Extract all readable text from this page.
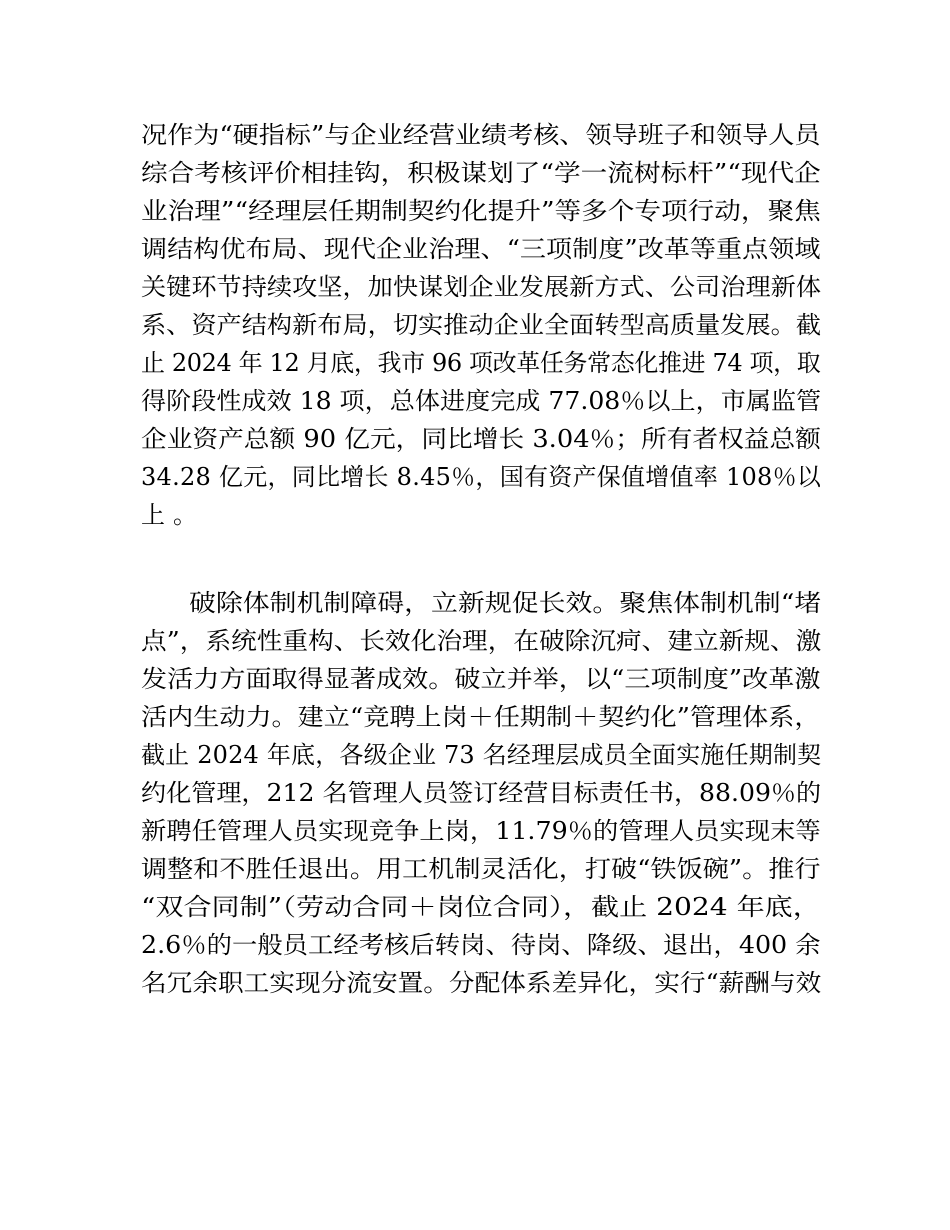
况作为“硬指标”与企业经营业绩考核、领导班子和领导人员
综合考核评价相挂钩，积极谋划了“学一流树标杆”“现代企
业治理”“经理层任期制契约化提升”等多个专项行动，聚焦
调结构优布局、现代企业治理、“三项制度”改革等重点领域
关键环节持续攻坚，加快谋划企业发展新方式、公司治理新体
系、资产结构新布局，切实推动企业全面转型高质量发展。截
止 2024 年 12 月底，我市 96 项改革任务常态化推进 74 项，取
得阶段性成效 18 项，总体进度完成 77.08％以上，市属监管
企业资产总额 90 亿元，同比增长 3.04％；所有者权益总额
34.28 亿元，同比增长 8.45％，国有资产保值增值率 108％以
上。
破除体制机制障碍，立新规促长效。聚焦体制机制“堵
点”，系统性重构、长效化治理，在破除沉疴、建立新规、激
发活力方面取得显著成效。破立并举，以“三项制度”改革激
活内生动力。建立“竞聘上岗＋任期制＋契约化”管理体系，
截止 2024 年底，各级企业 73 名经理层成员全面实施任期制契
约化管理，212 名管理人员签订经营目标责任书，88.09％的
新聘任管理人员实现竞争上岗，11.79％的管理人员实现末等
调整和不胜任退出。用工机制灵活化，打破“铁饭碗”。推行
“双合同制”（劳动合同＋岗位合同），截止 2024 年底，
2.6％的一般员工经考核后转岗、待岗、降级、退出，400 余
名冗余职工实现分流安置。分配体系差异化，实行“薪酬与效
